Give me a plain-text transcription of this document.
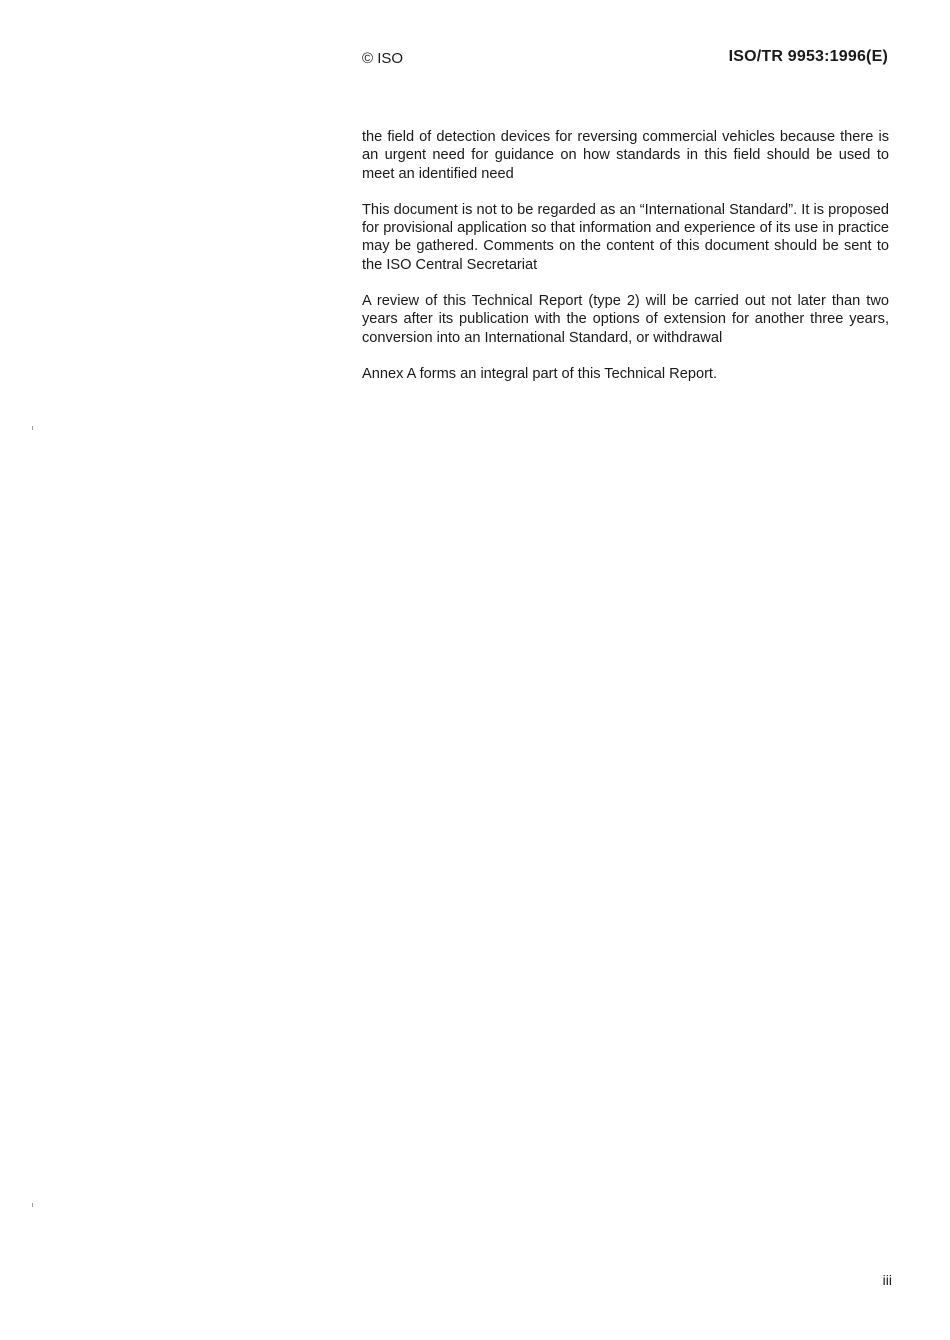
© ISO	ISO/TR 9953:1996(E)

the field of detection devices for reversing commercial vehicles because there is an urgent need for guidance on how standards in this field should be used to meet an identified need

This document is not to be regarded as an “International Standard”. It is proposed for provisional application so that information and experience of its use in practice may be gathered. Comments on the content of this document should be sent to the ISO Central Secretariat

A review of this Technical Report (type 2) will be carried out not later than two years after its publication with the options of extension for another three years, conversion into an International Standard, or withdrawal

Annex A forms an integral part of this Technical Report.

iii
